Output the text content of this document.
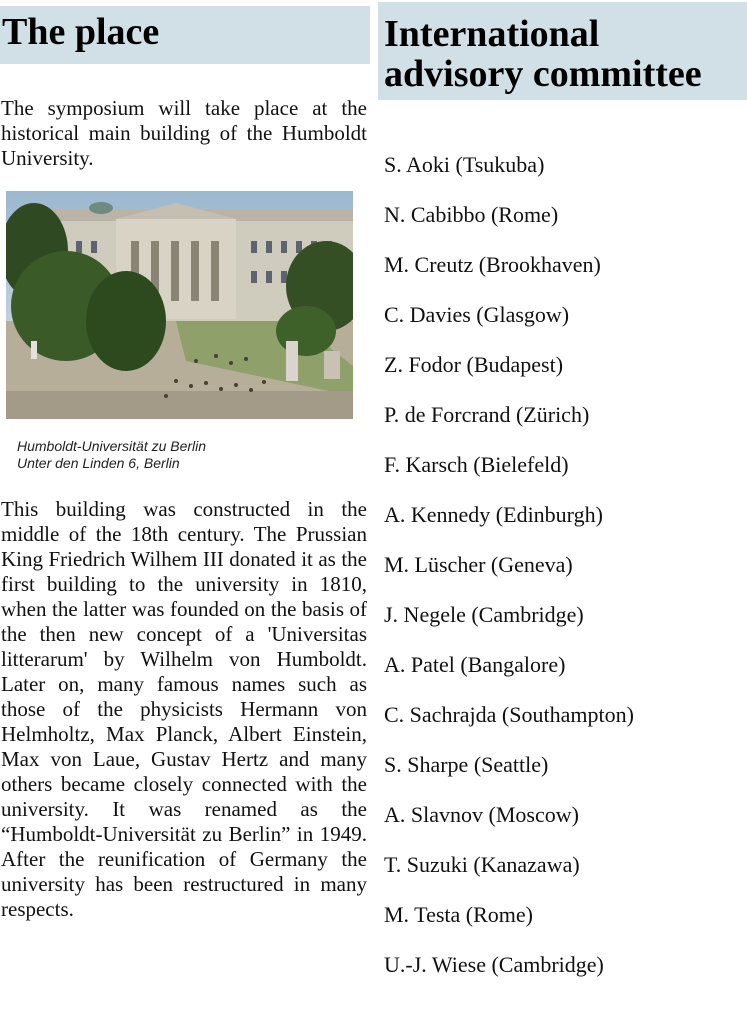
The place

The symposium will take place at the historical main building of the Humboldt University.

Humboldt-Universität zu Berlin
Unter den Linden 6, Berlin

This building was constructed in the middle of the 18th century. The Prussian King Friedrich Wilhem III donated it as the first building to the university in 1810, when the latter was founded on the basis of the then new concept of a 'Universitas litterarum' by Wilhelm von Humboldt. Later on, many famous names such as those of the physicists Hermann von Helmholtz, Max Planck, Albert Einstein, Max von Laue, Gustav Hertz and many others became closely connected with the university. It was renamed as the “Humboldt-Universität zu Berlin” in 1949. After the reunification of Germany the university has been restructured in many respects.

International advisory committee
S. Aoki (Tsukuba)
N. Cabibbo (Rome)
M. Creutz (Brookhaven)
C. Davies (Glasgow)
Z. Fodor (Budapest)
P. de Forcrand (Zürich)
F. Karsch (Bielefeld)
A. Kennedy (Edinburgh)
M. Lüscher (Geneva)
J. Negele (Cambridge)
A. Patel (Bangalore)
C. Sachrajda (Southampton)
S. Sharpe (Seattle)
A. Slavnov (Moscow)
T. Suzuki (Kanazawa)
M. Testa (Rome)
U.-J. Wiese (Cambridge)
